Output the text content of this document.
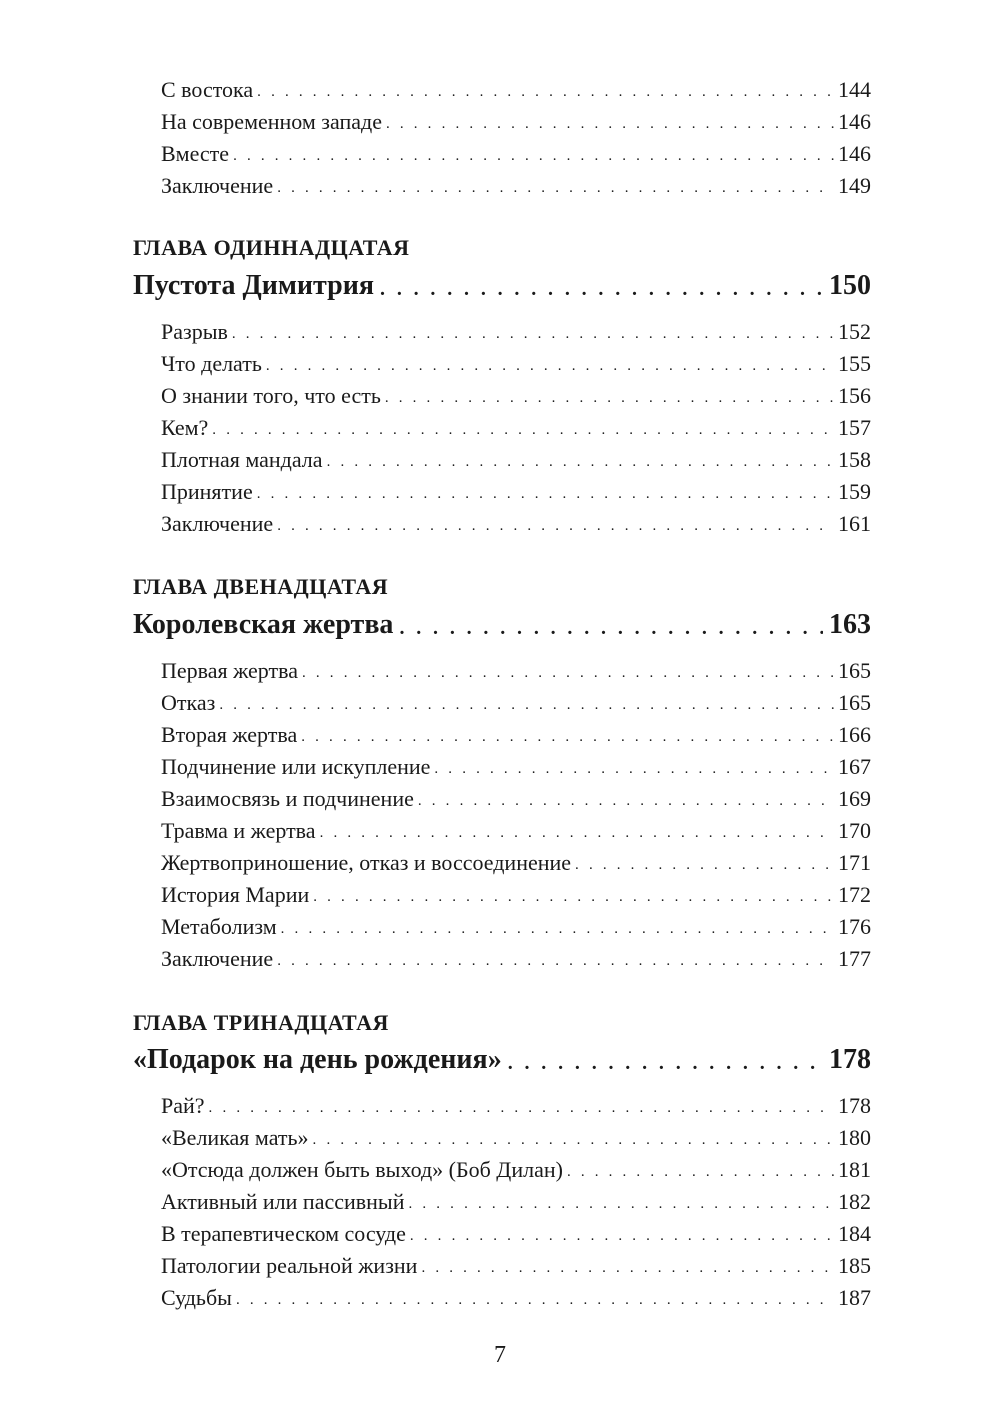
С востока . . .	144
На современном западе . . .	146
Вместе . . .	146
Заключение . . .	149
ГЛАВА ОДИННАДЦАТАЯ
Пустота Димитрия . . .	150
Разрыв . . .	152
Что делать . . .	155
О знании того, что есть . . .	156
Кем? . . .	157
Плотная мандала . . .	158
Принятие . . .	159
Заключение . . .	161
ГЛАВА ДВЕНАДЦАТАЯ
Королевская жертва . . .	163
Первая жертва . . .	165
Отказ . . .	165
Вторая жертва . . .	166
Подчинение или искупление . . .	167
Взаимосвязь и подчинение . . .	169
Травма и жертва . . .	170
Жертвоприношение, отказ и воссоединение . . .	171
История Марии . . .	172
Метаболизм . . .	176
Заключение . . .	177
ГЛАВА ТРИНАДЦАТАЯ
«Подарок на день рождения» . . .	178
Рай? . . .	178
«Великая мать» . . .	180
«Отсюда должен быть выход» (Боб Дилан) . . .	181
Активный или пассивный . . .	182
В терапевтическом сосуде . . .	184
Патологии реальной жизни . . .	185
Судьбы . . .	187
7
